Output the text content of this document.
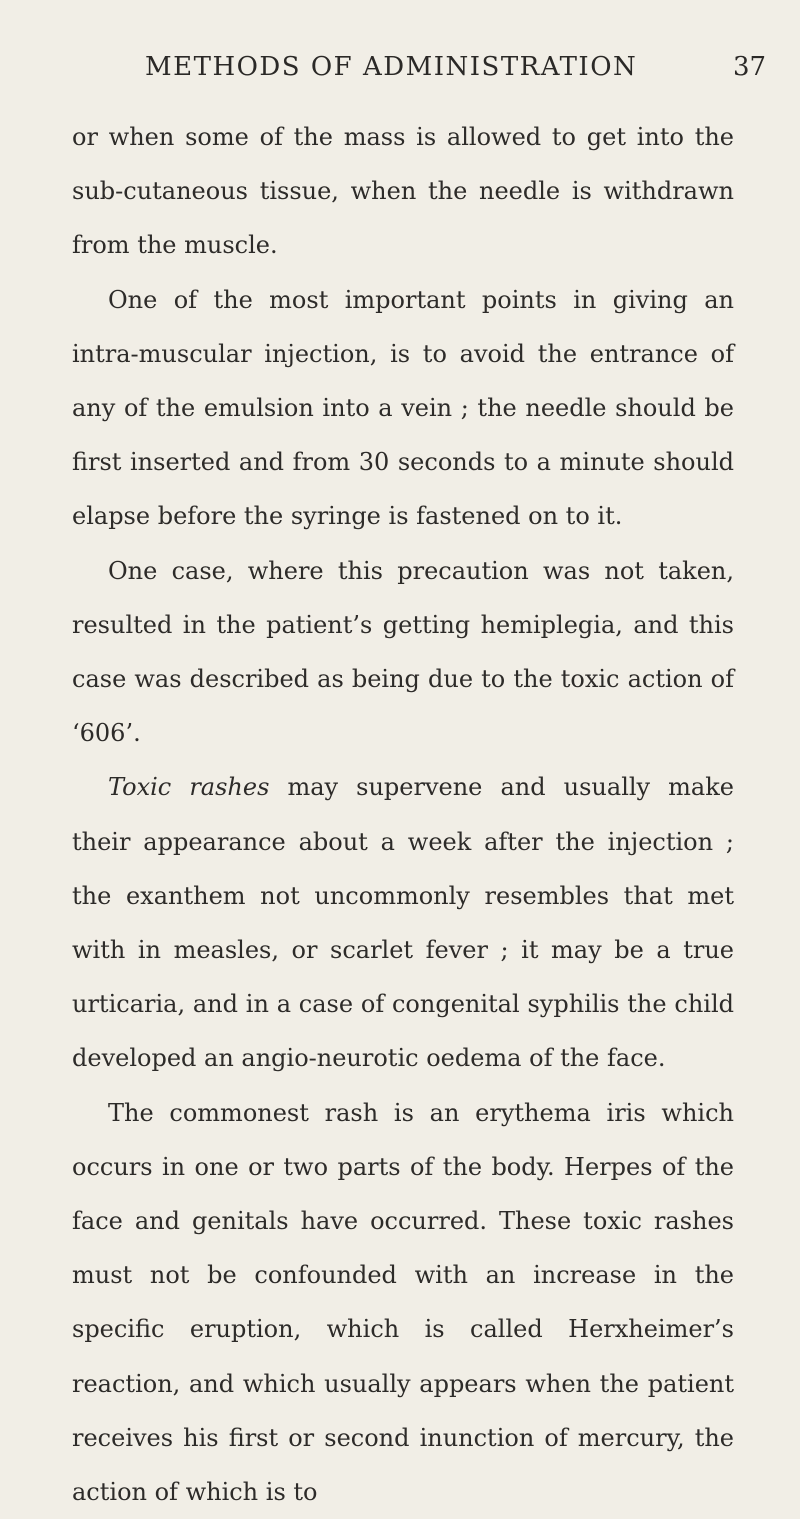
METHODS OF ADMINISTRATION	37

or when some of the mass is allowed to get into the sub-cutaneous tissue, when the needle is withdrawn from the muscle.

One of the most important points in giving an intra-muscular injection, is to avoid the entrance of any of the emulsion into a vein ; the needle should be first inserted and from 30 seconds to a minute should elapse before the syringe is fastened on to it.

One case, where this precaution was not taken, resulted in the patient’s getting hemiplegia, and this case was described as being due to the toxic action of ‘606’.

Toxic rashes may supervene and usually make their appearance about a week after the injection ; the exanthem not uncommonly resembles that met with in measles, or scarlet fever ; it may be a true urticaria, and in a case of congenital syphilis the child developed an angio-neurotic oedema of the face.

The commonest rash is an erythema iris which occurs in one or two parts of the body. Herpes of the face and genitals have occurred. These toxic rashes must not be confounded with an increase in the specific eruption, which is called Herxheimer’s reaction, and which usually appears when the patient receives his first or second inunction of mercury, the action of which is to
